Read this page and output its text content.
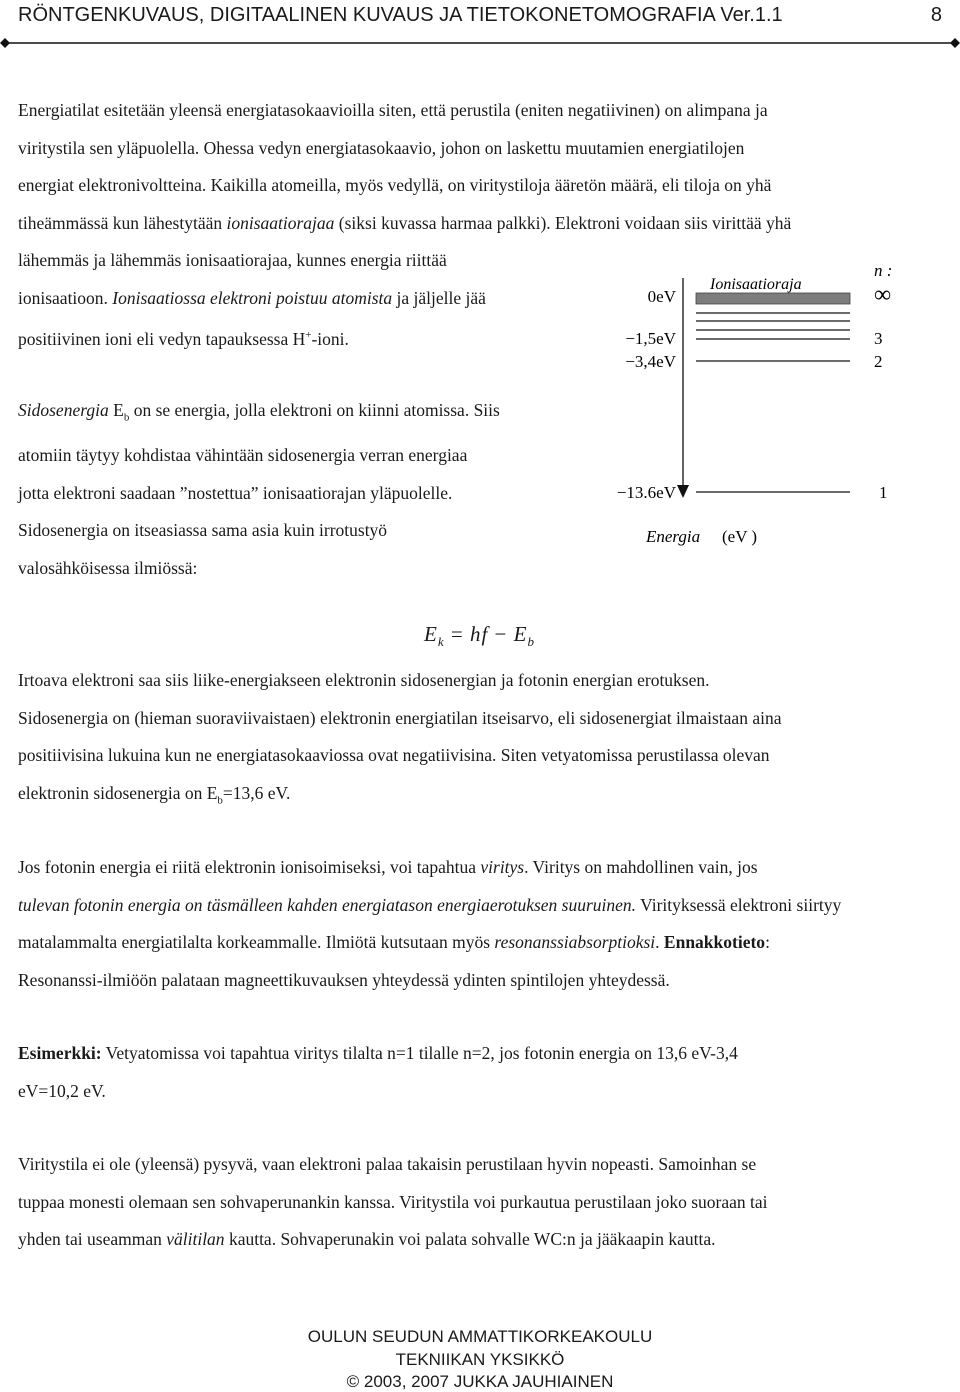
RÖNTGENKUVAUS, DIGITAALINEN KUVAUS JA TIETOKONETOMOGRAFIA Ver.1.1	8
Energiatilat esitetään yleensä energiatasokaavioilla siten, että perustila (eniten negatiivinen) on alimpana ja
viritystila sen yläpuolella. Ohessa vedyn energiatasokaavio, johon on laskettu muutamien energiatilojen
energiat elektronivoltteina. Kaikilla atomeilla, myös vedyllä, on viritystiloja ääretön määrä, eli tiloja on yhä
tiheämmässä kun lähestytään ionisaatiorajaa (siksi kuvassa harmaa palkki). Elektroni voidaan siis virittää yhä
lähemmäs ja lähemmäs ionisaatiorajaa, kunnes energia riittää
ionisaatioon. Ionisaatiossa elektroni poistuu atomista ja jäljelle jää
positiivinen ioni eli vedyn tapauksessa H+-ioni.
Sidosenergia $E_b$ on se energia, jolla elektroni on kiinni atomissa. Siis
atomiin täytyy kohdistaa vähintään sidosenergia verran energiaa
jotta elektroni saadaan ”nostettua” ionisaatiorajan yläpuolelle.
Sidosenergia on itseasiassa sama asia kuin irrotustyö
valosähköisessa ilmiössä:
n :
∞
Ionisaatioraja
0eV
−1,5eV
−3,4eV
−13.6eV
3
2
1
Energia (eV )
$E_k$ = hf − $E_b$
Irtoava elektroni saa siis liike-energiakseen elektronin sidosenergian ja fotonin energian erotuksen.
Sidosenergia on (hieman suoraviivaistaen) elektronin energiatilan itseisarvo, eli sidosenergiat ilmaistaan aina
positiivisina lukuina kun ne energiatasokaaviossa ovat negatiivisina. Siten vetyatomissa perustilassa olevan
elektronin sidosenergia on $E_b=13,6$ eV.
Jos fotonin energia ei riitä elektronin ionisoimiseksi, voi tapahtua viritys. Viritys on mahdollinen vain, jos
tulevan fotonin energia on täsmälleen kahden energiatason energiaerotuksen suuruinen. Virityksessä elektroni siirtyy
matalammalta energiatilalta korkeammalle. Ilmiötä kutsutaan myös resonanssiabsorptioksi. Ennakkotieto:
Resonanssi-ilmiöön palataan magneettikuvauksen yhteydessä ydinten spintilojen yhteydessä.
Esimerkki: Vetyatomissa voi tapahtua viritys tilalta n=1 tilalle n=2, jos fotonin energia on 13,6 eV-3,4
eV=10,2 eV.
Viritystila ei ole (yleensä) pysyvä, vaan elektroni palaa takaisin perustilaan hyvin nopeasti. Samoinhan se
tuppaa monesti olemaan sen sohvaperunankin kanssa. Viritystila voi purkautua perustilaan joko suoraan tai
yhden tai useamman välitilan kautta. Sohvaperunakin voi palata sohvalle WC:n ja jääkaapin kautta.
OULUN SEUDUN AMMATTIKORKEAKOULU
TEKNIIKAN YKSIKKÖ
© 2003, 2007 JUKKA JAUHIAINEN
